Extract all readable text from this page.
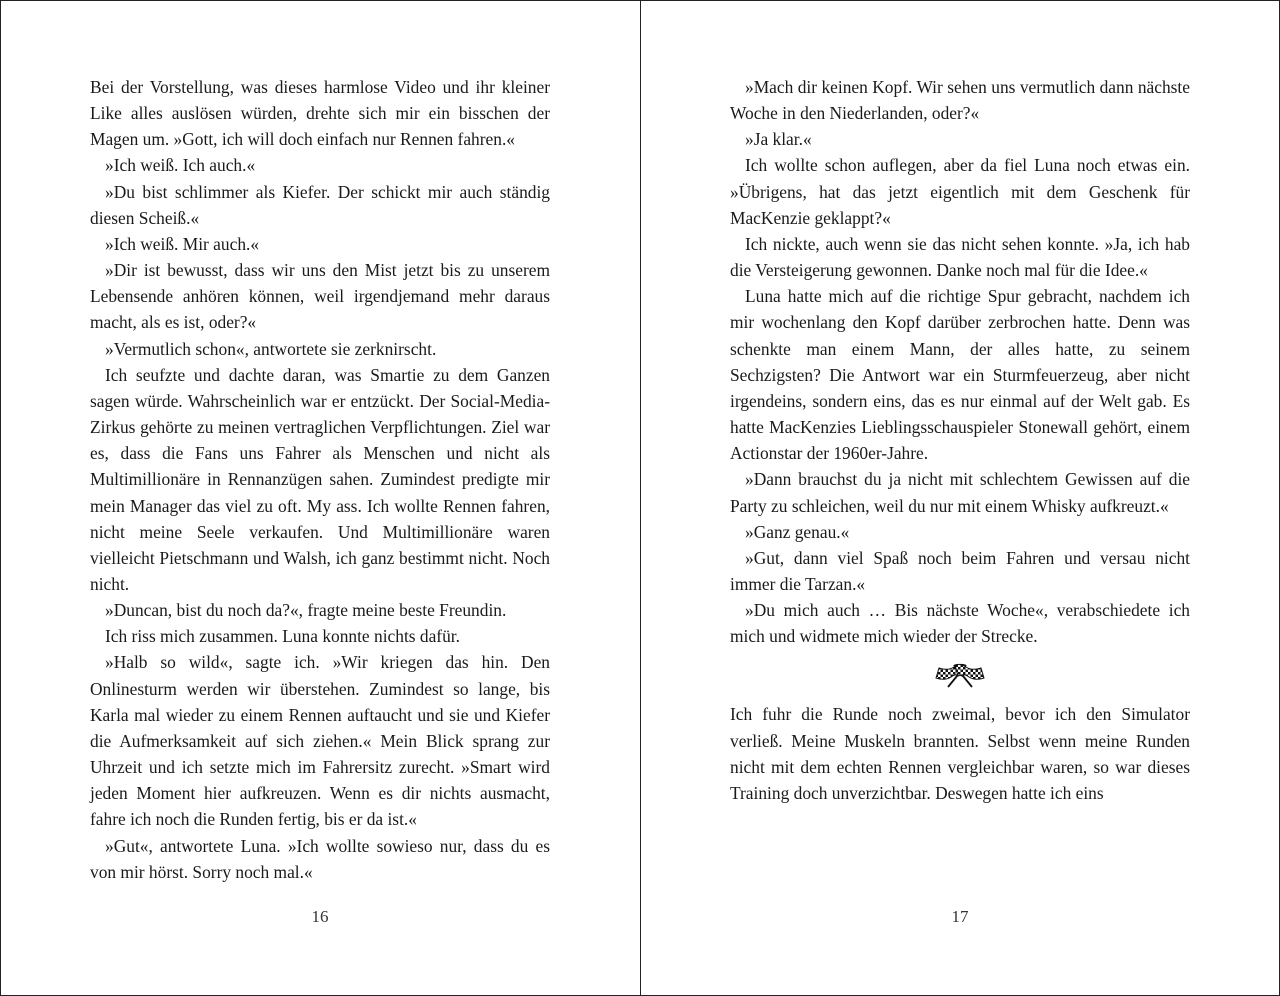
Bei der Vorstellung, was dieses harmlose Video und ihr kleiner Like alles auslösen würden, drehte sich mir ein bisschen der Magen um. »Gott, ich will doch einfach nur Rennen fahren.«

»Ich weiß. Ich auch.«

»Du bist schlimmer als Kiefer. Der schickt mir auch ständig diesen Scheiß.«

»Ich weiß. Mir auch.«

»Dir ist bewusst, dass wir uns den Mist jetzt bis zu unserem Lebensende anhören können, weil irgendjemand mehr daraus macht, als es ist, oder?«

»Vermutlich schon«, antwortete sie zerknirscht.

Ich seufzte und dachte daran, was Smartie zu dem Ganzen sagen würde. Wahrscheinlich war er entzückt. Der Social-Media-Zirkus gehörte zu meinen vertraglichen Verpflichtungen. Ziel war es, dass die Fans uns Fahrer als Menschen und nicht als Multimillionäre in Rennanzügen sahen. Zumindest predigte mir mein Manager das viel zu oft. My ass. Ich wollte Rennen fahren, nicht meine Seele verkaufen. Und Multimillionäre waren vielleicht Pietschmann und Walsh, ich ganz bestimmt nicht. Noch nicht.

»Duncan, bist du noch da?«, fragte meine beste Freundin.

Ich riss mich zusammen. Luna konnte nichts dafür.

»Halb so wild«, sagte ich. »Wir kriegen das hin. Den Onlinesturm werden wir überstehen. Zumindest so lange, bis Karla mal wieder zu einem Rennen auftaucht und sie und Kiefer die Aufmerksamkeit auf sich ziehen.« Mein Blick sprang zur Uhrzeit und ich setzte mich im Fahrersitz zurecht. »Smart wird jeden Moment hier aufkreuzen. Wenn es dir nichts ausmacht, fahre ich noch die Runden fertig, bis er da ist.«

»Gut«, antwortete Luna. »Ich wollte sowieso nur, dass du es von mir hörst. Sorry noch mal.«

16

»Mach dir keinen Kopf. Wir sehen uns vermutlich dann nächste Woche in den Niederlanden, oder?«

»Ja klar.«

Ich wollte schon auflegen, aber da fiel Luna noch etwas ein. »Übrigens, hat das jetzt eigentlich mit dem Geschenk für MacKenzie geklappt?«

Ich nickte, auch wenn sie das nicht sehen konnte. »Ja, ich hab die Versteigerung gewonnen. Danke noch mal für die Idee.«

Luna hatte mich auf die richtige Spur gebracht, nachdem ich mir wochenlang den Kopf darüber zerbrochen hatte. Denn was schenkte man einem Mann, der alles hatte, zu seinem Sechzigsten? Die Antwort war ein Sturmfeuerzeug, aber nicht irgendeins, sondern eins, das es nur einmal auf der Welt gab. Es hatte MacKenzies Lieblingsschauspieler Stonewall gehört, einem Actionstar der 1960er-Jahre.

»Dann brauchst du ja nicht mit schlechtem Gewissen auf die Party zu schleichen, weil du nur mit einem Whisky aufkreuzt.«

»Ganz genau.«

»Gut, dann viel Spaß noch beim Fahren und versau nicht immer die Tarzan.«

»Du mich auch … Bis nächste Woche«, verabschiedete ich mich und widmete mich wieder der Strecke.

Ich fuhr die Runde noch zweimal, bevor ich den Simulator verließ. Meine Muskeln brannten. Selbst wenn meine Runden nicht mit dem echten Rennen vergleichbar waren, so war dieses Training doch unverzichtbar. Deswegen hatte ich eins

17
